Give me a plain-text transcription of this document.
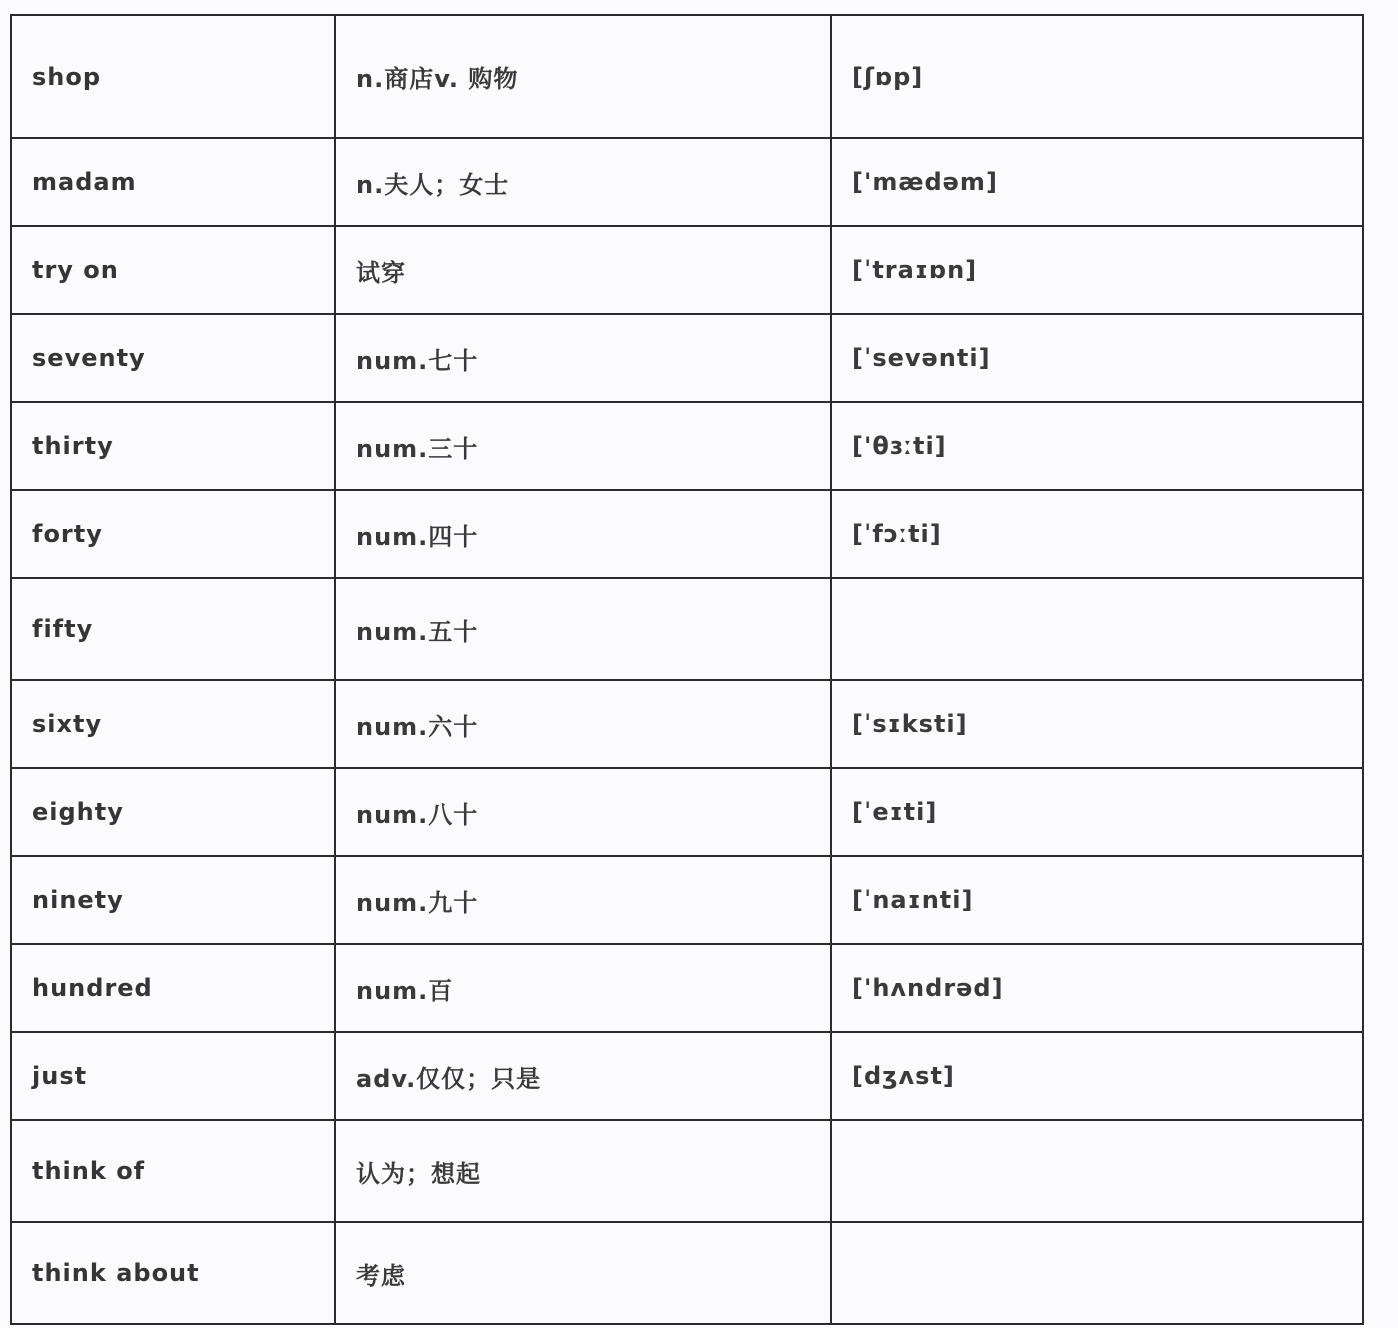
shop	n.商店v. 购物	[ʃɒp]
madam	n.夫人；女士	['mædəm]
try on	试穿	[ˈtraɪɒn]
seventy	num.七十	[ˈsevənti]
thirty	num.三十	['θɜːti]
forty	num.四十	[ˈfɔːti]
fifty	num.五十	
sixty	num.六十	[ˈsɪksti]
eighty	num.八十	[ˈeɪti]
ninety	num.九十	[ˈnaɪnti]
hundred	num.百	['hʌndrəd]
just	adv.仅仅；只是	[dʒʌst]
think of	认为；想起	
think about	考虑	
